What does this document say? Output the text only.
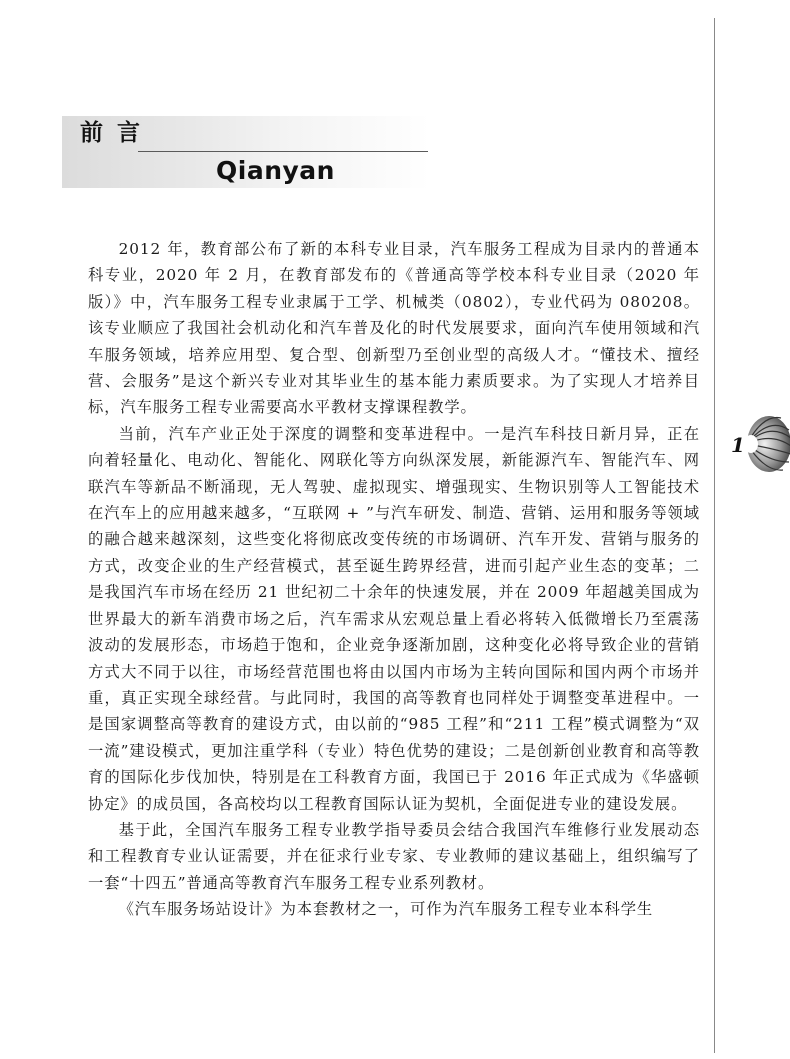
前言
Qianyan
1

2012 年，教育部公布了新的本科专业目录，汽车服务工程成为目录内的普通本科专业，2020 年 2 月，在教育部发布的《普通高等学校本科专业目录（2020 年版）》中，汽车服务工程专业隶属于工学、机械类（0802），专业代码为 080208。该专业顺应了我国社会机动化和汽车普及化的时代发展要求，面向汽车使用领域和汽车服务领域，培养应用型、复合型、创新型乃至创业型的高级人才。“懂技术、擅经营、会服务”是这个新兴专业对其毕业生的基本能力素质要求。为了实现人才培养目标，汽车服务工程专业需要高水平教材支撑课程教学。

当前，汽车产业正处于深度的调整和变革进程中。一是汽车科技日新月异，正在向着轻量化、电动化、智能化、网联化等方向纵深发展，新能源汽车、智能汽车、网联汽车等新品不断涌现，无人驾驶、虚拟现实、增强现实、生物识别等人工智能技术在汽车上的应用越来越多，“互联网 + ”与汽车研发、制造、营销、运用和服务等领域的融合越来越深刻，这些变化将彻底改变传统的市场调研、汽车开发、营销与服务的方式，改变企业的生产经营模式，甚至诞生跨界经营，进而引起产业生态的变革；二是我国汽车市场在经历 21 世纪初二十余年的快速发展，并在 2009 年超越美国成为世界最大的新车消费市场之后，汽车需求从宏观总量上看必将转入低微增长乃至震荡波动的发展形态，市场趋于饱和，企业竞争逐渐加剧，这种变化必将导致企业的营销方式大不同于以往，市场经营范围也将由以国内市场为主转向国际和国内两个市场并重，真正实现全球经营。与此同时，我国的高等教育也同样处于调整变革进程中。一是国家调整高等教育的建设方式，由以前的“985 工程”和“211 工程”模式调整为“双一流”建设模式，更加注重学科（专业）特色优势的建设；二是创新创业教育和高等教育的国际化步伐加快，特别是在工科教育方面，我国已于 2016 年正式成为《华盛顿协定》的成员国，各高校均以工程教育国际认证为契机，全面促进专业的建设发展。

基于此，全国汽车服务工程专业教学指导委员会结合我国汽车维修行业发展动态和工程教育专业认证需要，并在征求行业专家、专业教师的建议基础上，组织编写了一套“十四五”普通高等教育汽车服务工程专业系列教材。

《汽车服务场站设计》为本套教材之一，可作为汽车服务工程专业本科学生
